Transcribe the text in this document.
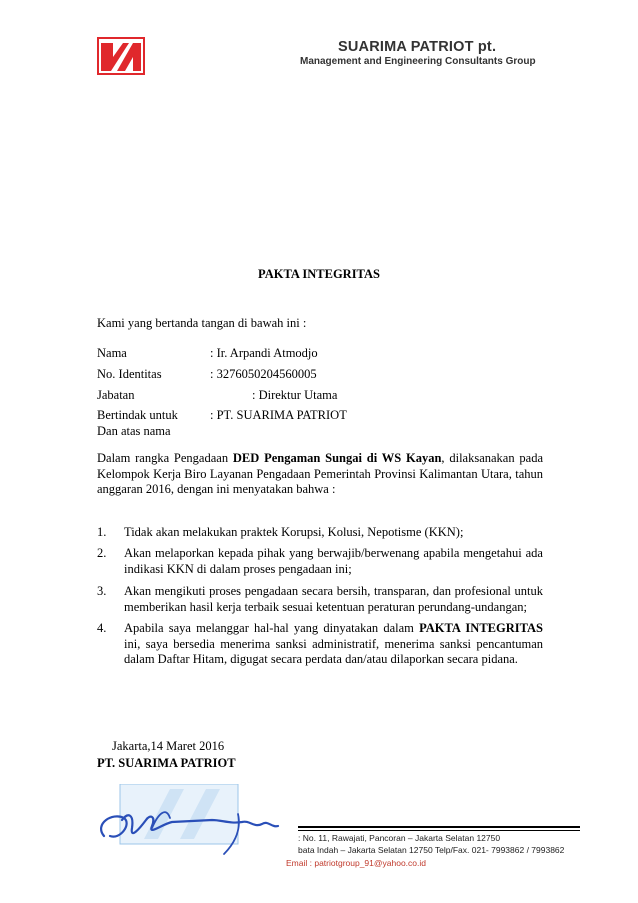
SUARIMA PATRIOT pt.
Management and Engineering Consultants Group
PAKTA INTEGRITAS
Kami yang bertanda tangan di bawah ini :
Nama	: Ir. Arpandi Atmodjo
No. Identitas	: 3276050204560005
Jabatan	: Direktur Utama
Bertindak untuk	: PT. SUARIMA PATRIOT
Dan atas nama
Dalam rangka Pengadaan DED Pengaman Sungai di WS Kayan, dilaksanakan pada Kelompok Kerja Biro Layanan Pengadaan Pemerintah Provinsi Kalimantan Utara, tahun anggaran 2016, dengan ini menyatakan bahwa :
1. Tidak akan melakukan praktek Korupsi, Kolusi, Nepotisme (KKN);
2. Akan melaporkan kepada pihak yang berwajib/berwenang apabila mengetahui ada indikasi KKN di dalam proses pengadaan ini;
3. Akan mengikuti proses pengadaan secara bersih, transparan, dan profesional untuk memberikan hasil kerja terbaik sesuai ketentuan peraturan perundang-undangan;
4. Apabila saya melanggar hal-hal yang dinyatakan dalam PAKTA INTEGRITAS ini, saya bersedia menerima sanksi administratif, menerima sanksi pencantuman dalam Daftar Hitam, digugat secara perdata dan/atau dilaporkan secara pidana.
Jakarta,14 Maret 2016
PT. SUARIMA PATRIOT
: No. 11, Rawajati, Pancoran – Jakarta Selatan 12750
bata Indah – Jakarta Selatan 12750 Telp/Fax. 021- 7993862 / 7993862
Email : patriotgroup_91@yahoo.co.id
